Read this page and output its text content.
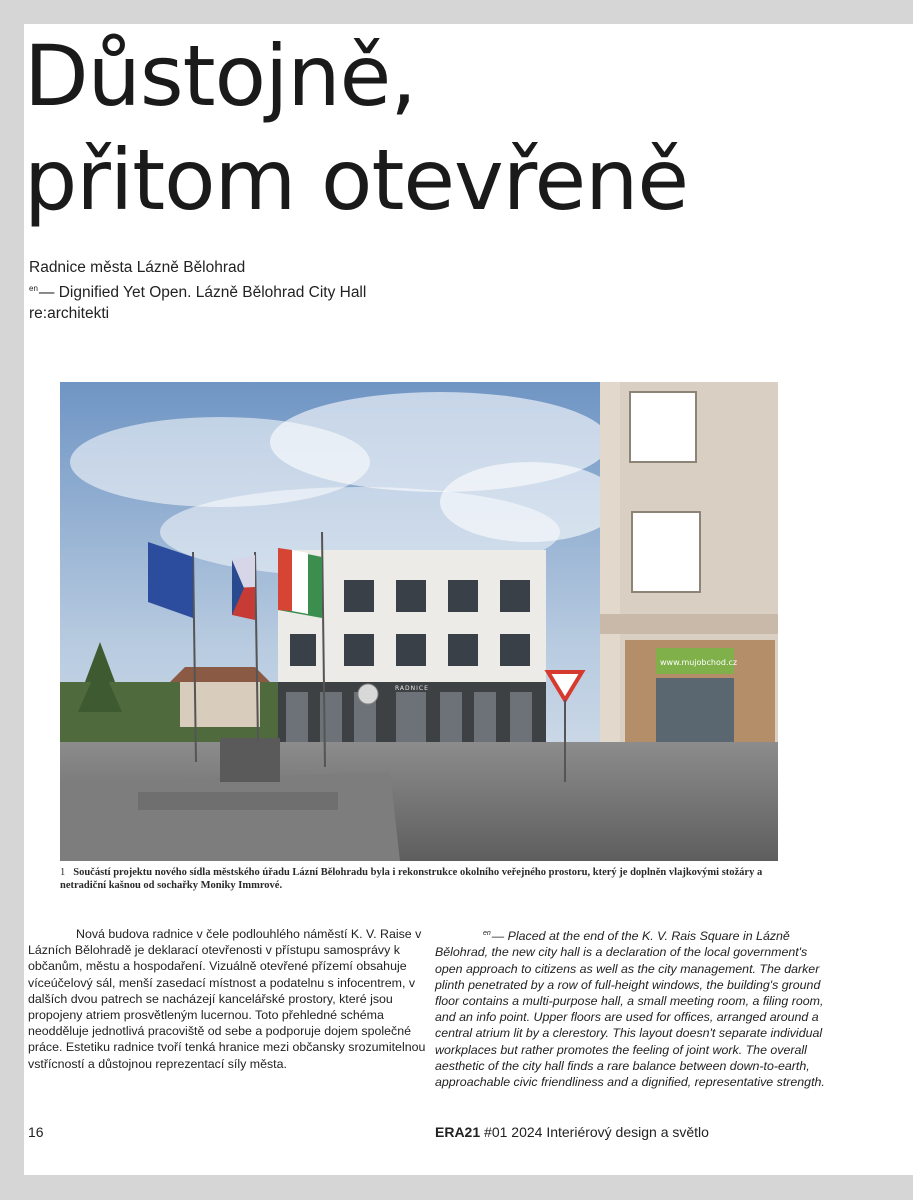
Důstojně,
přitom otevřeně
Radnice města Lázně Bělohrad
$^{en}$— Dignified Yet Open. Lázně Bělohrad City Hall
re:architekti
RADNICE
www.mujobchod.cz
1 Součástí projektu nového sídla městského úřadu Lázní Bělohradu byla i rekonstrukce okolního veřejného prostoru, který je doplněn vlajkovými stožáry a netradiční kašnou od sochařky Moniky Immrové.

Nová budova radnice v čele podlouhlého náměstí K. V. Raise v Lázních Bělohradě je deklarací otevřenosti v přístupu samosprávy k občanům, městu a hospodaření. Vizuálně otevřené přízemí obsahuje víceúčelový sál, menší zasedací místnost a podatelnu s infocentrem, v dalších dvou patrech se nacházejí kancelářské prostory, které jsou propojeny atriem prosvětleným lucernou. Toto přehledné schéma neodděluje jednotlivá pracoviště od sebe a podporuje dojem společné práce. Estetiku radnice tvoří tenká hranice mezi občansky srozumitelnou vstřícností a důstojnou reprezentací síly města.

$^{en}$— Placed at the end of the K. V. Rais Square in Lázně Bělohrad, the new city hall is a declaration of the local government's open approach to citizens as well as the city management. The darker plinth penetrated by a row of full-height windows, the building's ground floor contains a multi-purpose hall, a small meeting room, a filing room, and an info point. Upper floors are used for offices, arranged around a central atrium lit by a clerestory. This layout doesn't separate individual workplaces but rather promotes the feeling of joint work. The overall aesthetic of the city hall finds a rare balance between down-to-earth, approachable civic friendliness and a dignified, representative strength.

16	ERA21 #01 2024 Interiérový design a světlo
